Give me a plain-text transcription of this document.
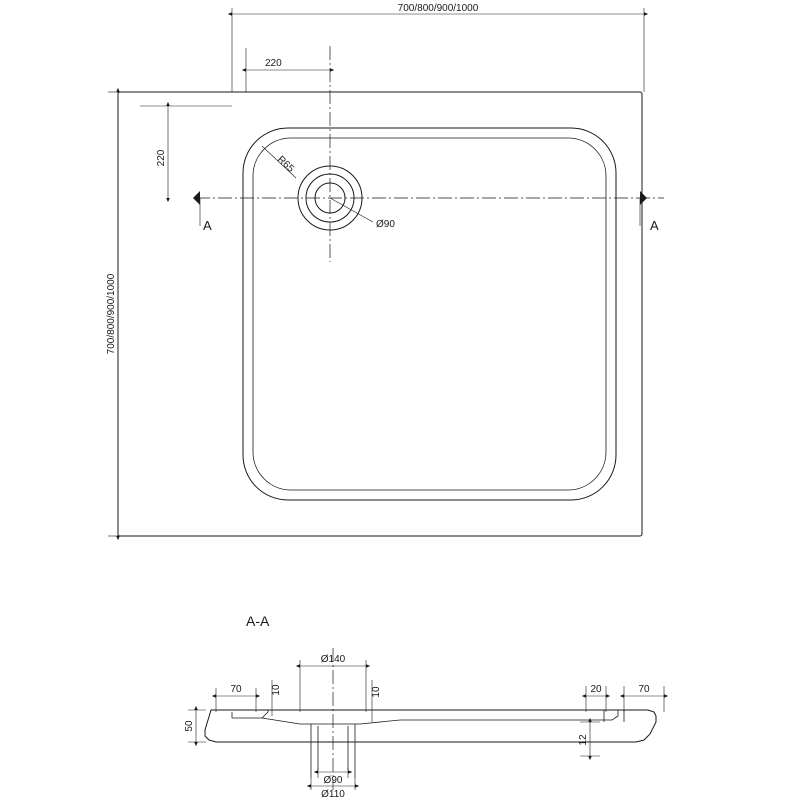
A	A
700/800/900/1000
220
220
700/800/900/1000
R65
Ø90
A-A
Ø140
70	10	10
50
20	70
12
Ø90
Ø110
